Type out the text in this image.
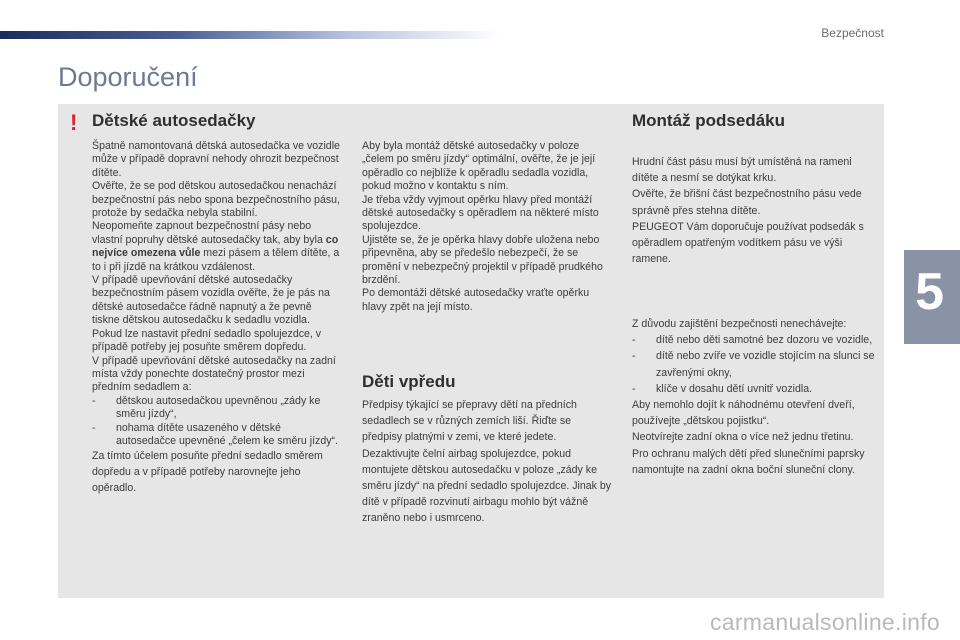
Bezpečnost
Doporučení
5
! Dětské autosedačky

Špatně namontovaná dětská autosedačka ve vozidle může v případě dopravní nehody ohrozit bezpečnost dítěte.

Ověřte, že se pod dětskou autosedačkou nenachází bezpečnostní pás nebo spona bezpečnostního pásu, protože by sedačka nebyla stabilní.

Neopomeňte zapnout bezpečnostní pásy nebo vlastní popruhy dětské autosedačky tak, aby byla co nejvíce omezena vůle mezi pásem a tělem dítěte, a to i při jízdě na krátkou vzdálenost.

V případě upevňování dětské autosedačky bezpečnostním pásem vozidla ověřte, že je pás na dětské autosedačce řádně napnutý a že pevně tiskne dětskou autosedačku k sedadlu vozidla. Pokud lze nastavit přední sedadlo spolujezdce, v případě potřeby jej posuňte směrem dopředu.

V případě upevňování dětské autosedačky na zadní místa vždy ponechte dostatečný prostor mezi předním sedadlem a:

- dětskou autosedačkou upevněnou „zády ke směru jízdy“,
- nohama dítěte usazeného v dětské autosedačce upevněné „čelem ke směru jízdy“.

Za tímto účelem posuňte přední sedadlo směrem dopředu a v případě potřeby narovnejte jeho opěradlo.

Aby byla montáž dětské autosedačky v poloze „čelem po směru jízdy“ optimální, ověřte, že je její opěradlo co nejblíže k opěradlu sedadla vozidla, pokud možno v kontaktu s ním.

Je třeba vždy vyjmout opěrku hlavy před montáží dětské autosedačky s opěradlem na některé místo spolujezdce.

Ujistěte se, že je opěrka hlavy dobře uložena nebo připevněna, aby se předešlo nebezpečí, že se promění v nebezpečný projektil v případě prudkého brzdění.

Po demontáži dětské autosedačky vraťte opěrku hlavy zpět na její místo.

Děti vpředu

Předpisy týkající se přepravy dětí na předních sedadlech se v různých zemích liší. Řiďte se předpisy platnými v zemi, ve které jedete.

Dezaktivujte čelní airbag spolujezdce, pokud montujete dětskou autosedačku v poloze „zády ke směru jízdy“ na přední sedadlo spolujezdce. Jinak by dítě v případě rozvinutí airbagu mohlo být vážně zraněno nebo i usmrceno.

Montáž podsedáku

Hrudní část pásu musí být umístěná na rameni dítěte a nesmí se dotýkat krku.

Ověřte, že břišní část bezpečnostního pásu vede správně přes stehna dítěte.

PEUGEOT Vám doporučuje používat podsedák s opěradlem opatřeným vodítkem pásu ve výši ramene.

Z důvodu zajištění bezpečnosti nenechávejte:

- dítě nebo děti samotné bez dozoru ve vozidle,
- dítě nebo zvíře ve vozidle stojícím na slunci se zavřenými okny,
- klíče v dosahu dětí uvnitř vozidla.

Aby nemohlo dojít k náhodnému otevření dveří, používejte „dětskou pojistku“.

Neotvírejte zadní okna o více než jednu třetinu.

Pro ochranu malých dětí před slunečními paprsky namontujte na zadní okna boční sluneční clony.

carmanualsonline.info
